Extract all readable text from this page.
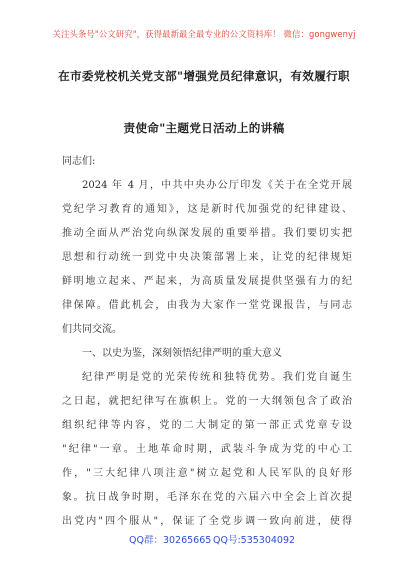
关注头条号"公文研究"，获得最新最全最专业的公文资料库！ 微信：gongwenyj
在市委党校机关党支部"增强党员纪律意识，有效履行职
责使命"主题党日活动上的讲稿
同志们:
2024 年 4 月，中共中央办公厅印发《关于在全党开展
党纪学习教育的通知》，这是新时代加强党的纪律建设、
推动全面从严治党向纵深发展的重要举措。我们要切实把
思想和行动统一到党中央决策部署上来，让党的纪律规矩
鲜明地立起来、严起来，为高质量发展提供坚强有力的纪
律保障。借此机会，由我为大家作一堂党课报告，与同志
们共同交流。
一、以史为鉴，深刻领悟纪律严明的重大意义
纪律严明是党的光荣传统和独特优势。我们党自诞生
之日起，就把纪律写在旗帜上。党的一大纲领包含了政治
组织纪律等内容，党的二大制定的第一部正式党章专设
"纪律"一章。土地革命时期，武装斗争成为党的中心工
作，"三大纪律八项注意"树立起党和人民军队的良好形
象。抗日战争时期，毛泽东在党的六届六中全会上首次提
出党内"四个服从"，保证了全党步调一致向前进，使得
QQ群：30265665 QQ号:535304092
